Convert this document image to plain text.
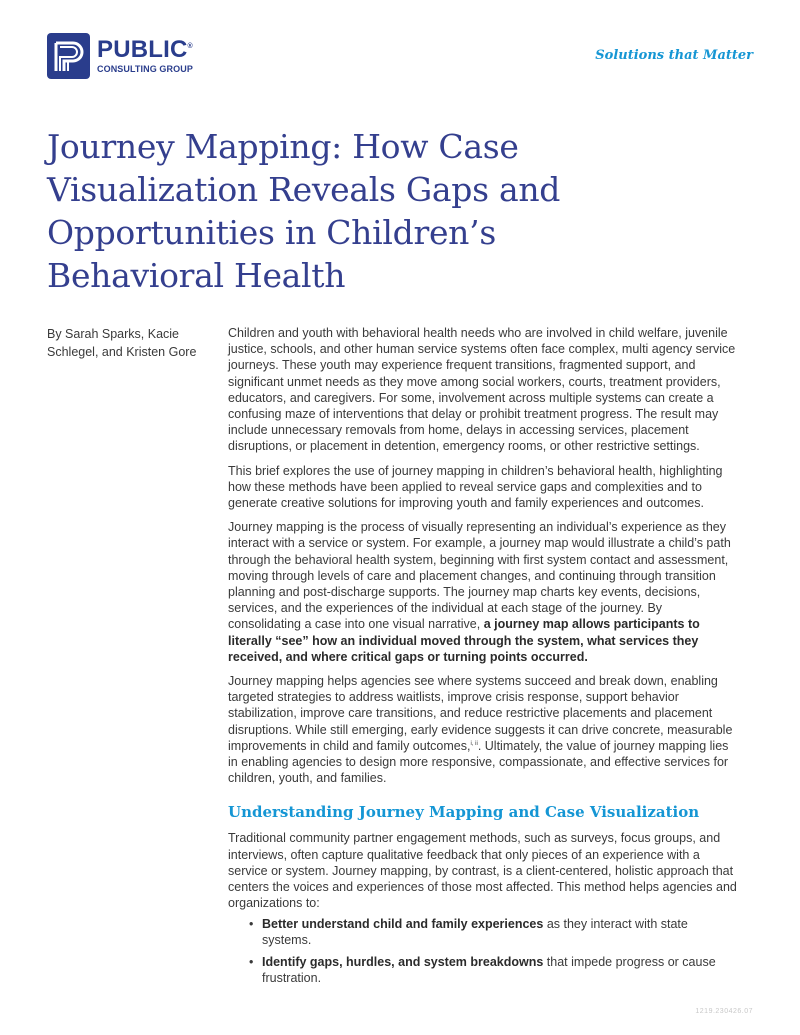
PUBLIC®
CONSULTING GROUP
Solutions that Matter
Journey Mapping: How Case Visualization Reveals Gaps and Opportunities in Children’s Behavioral Health
By Sarah Sparks, Kacie Schlegel, and Kristen Gore

Children and youth with behavioral health needs who are involved in child welfare, juvenile justice, schools, and other human service systems often face complex, multi agency service journeys. These youth may experience frequent transitions, fragmented support, and significant unmet needs as they move among social workers, courts, treatment providers, educators, and caregivers. For some, involvement across multiple systems can create a confusing maze of interventions that delay or prohibit treatment progress. The result may include unnecessary removals from home, delays in accessing services, placement disruptions, or placement in detention, emergency rooms, or other restrictive settings.

This brief explores the use of journey mapping in children’s behavioral health, highlighting how these methods have been applied to reveal service gaps and complexities and to generate creative solutions for improving youth and family experiences and outcomes.

Journey mapping is the process of visually representing an individual’s experience as they interact with a service or system. For example, a journey map would illustrate a child’s path through the behavioral health system, beginning with first system contact and assessment, moving through levels of care and placement changes, and continuing through transition planning and post-discharge supports. The journey map charts key events, decisions, services, and the experiences of the individual at each stage of the journey. By consolidating a case into one visual narrative, a journey map allows participants to literally “see” how an individual moved through the system, what services they received, and where critical gaps or turning points occurred.

Journey mapping helps agencies see where systems succeed and break down, enabling targeted strategies to address waitlists, improve crisis response, support behavior stabilization, improve care transitions, and reduce restrictive placements and placement disruptions. While still emerging, early evidence suggests it can drive concrete, measurable improvements in child and family outcomes,$^{i, ii}$. Ultimately, the value of journey mapping lies in enabling agencies to design more responsive, compassionate, and effective services for children, youth, and families.

Understanding Journey Mapping and Case Visualization

Traditional community partner engagement methods, such as surveys, focus groups, and interviews, often capture qualitative feedback that only pieces of an experience with a service or system. Journey mapping, by contrast, is a client-centered, holistic approach that centers the voices and experiences of those most affected. This method helps agencies and organizations to:

• Better understand child and family experiences as they interact with state systems.
• Identify gaps, hurdles, and system breakdowns that impede progress or cause frustration.
1219.230426.07
